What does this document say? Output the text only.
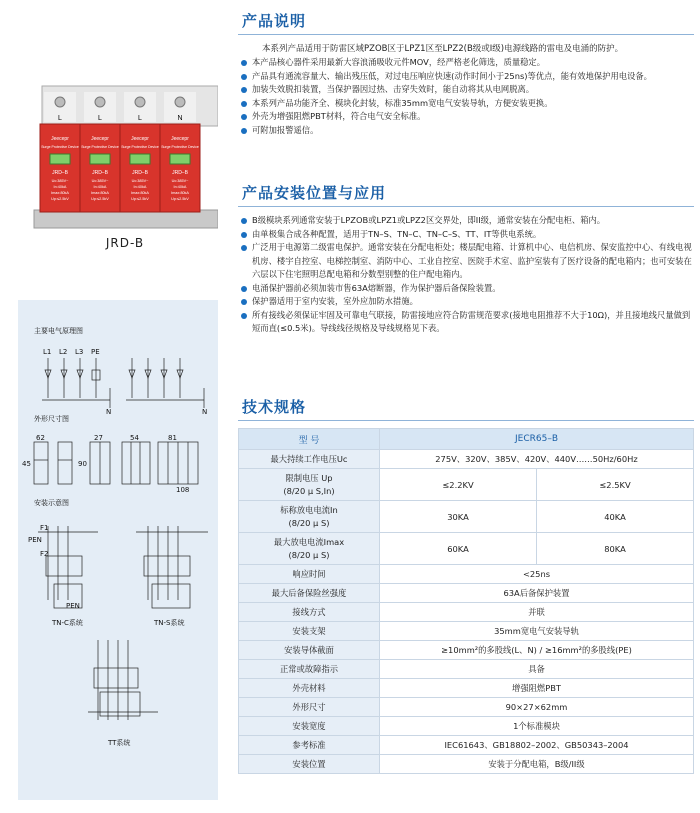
L
Jeecepr
Surge Protective Device
JRD–B
Uc:385V~
In:40kA
Imax:80kA
Up:≤2.5kV
L
Jeecepr
Surge Protective Device
JRD–B
Uc:385V~
In:40kA
Imax:80kA
Up:≤2.5kV
L
Jeecepr
Surge Protective Device
JRD–B
Uc:385V~
In:40kA
Imax:80kA
Up:≤2.5kV
N
Jeecepr
Surge Protective Device
JRD–B
Uc:385V~
In:40kA
Imax:80kA
Up:≤2.5kV
JRD-B
主要电气原理图
外形尺寸图
安装示意图
L1 L2 L3 PE
N	N
62	27	54	81
108
45	90
F1
F2
PEN
PEN
TN-C系统	TN-S系统
TT系统
产品说明
本系列产品适用于防雷区域PZOB区于LPZ1区至LPZ2(B级或I级)电源线路的雷电及电涌的防护。
本产品核心器件采用最新大容浪涌吸收元件MOV，经严格老化筛选，质量稳定。
产品具有通流容量大、输出残压低，对过电压响应快速(动作时间小于25ns)等优点，能有效地保护用电设备。
加装失效脱扣装置，当保护器因过热、击穿失效时，能自动将其从电网脱离。
本系列产品功能齐全、模块化封装，标准35mm宽电气安装导轨，方便安装更换。
外壳为增强阻燃PBT材料，符合电气安全标准。
可附加报警遥信。
产品安装位置与应用
B级模块系列通常安装于LPZOB或LPZ1或LPZ2区交界处，即II级，通常安装在分配电柜、箱内。
由单极集合成各种配置，适用于TN–S、TN–C、TN–C–S、TT、IT等供电系统。
广泛用于电源第二级雷电保护。通常安装在分配电柜处；楼层配电箱、计算机中心、电信机房、保安监控中心、有线电视机房、楼宇自控室、电梯控制室、消防中心、工业自控室、医院手术室、监护室装有了医疗设备的配电箱内；也可安装在六层以下住宅照明总配电箱和分数型别整的住户配电箱内。
电涌保护器前必须加装市售63A熔断器，作为保护器后备保险装置。
保护器适用于室内安装，室外应加防水措施。
所有接线必须保证牢固及可靠电气联接，防雷接地应符合防雷规范要求(接地电阻推荐不大于10Ω)，并且接地线尺量做到短而直(≤0.5米)。导线线径规格及导线规格见下表。
技术规格
型 号	JECR65–B	
最大持续工作电压Uc	275V、320V、385V、420V、440V……50Hz/60Hz	
限制电压 Up
(8/20 μ S,In)	≤2.2KV	≤2.5KV
标称放电电流In
(8/20 μ S)	30KA	40KA
最大放电电流Imax
(8/20 μ S)	60KA	80KA
响应时间	<25ns	
最大后备保险丝强度	63A后备保护装置	
接线方式	并联	
安装支架	35mm宽电气安装导轨	
安装导体截面	≥10mm²的多股线(L、N) / ≥16mm²的多股线(PE)	
正常或故障指示	具备	
外壳材料	增强阻燃PBT	
外形尺寸	90×27×62mm	
安装宽度	1个标准模块	
参考标准	IEC61643、GB18802–2002、GB50343–2004	
安装位置	安装于分配电箱，B级/II级	
